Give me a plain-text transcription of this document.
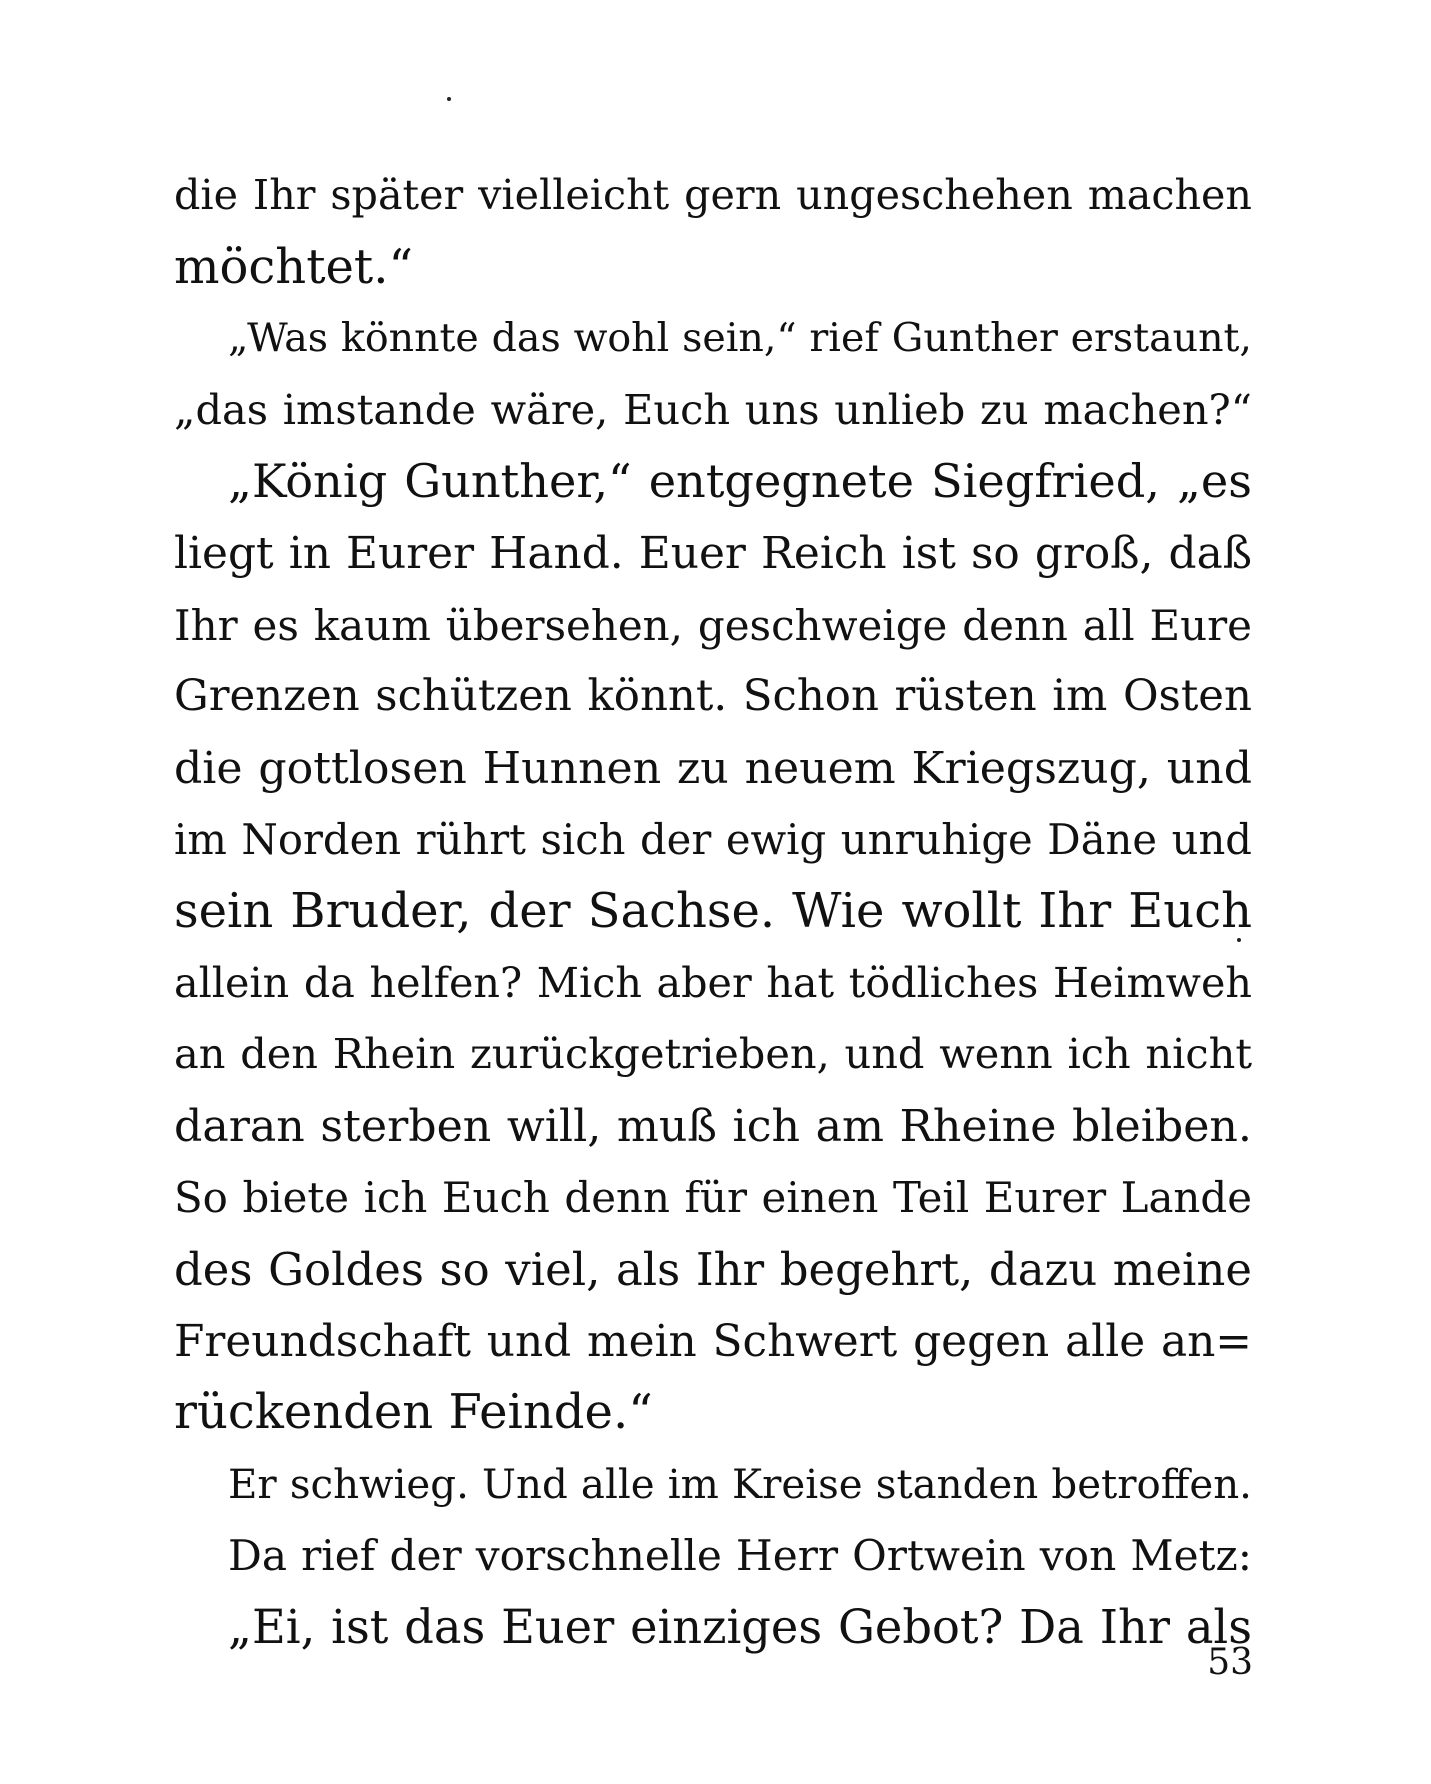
die Ihr später vielleicht gern ungeschehen machen
möchtet.“
„Was könnte das wohl sein,“ rief Gunther erstaunt,
„das imstande wäre, Euch uns unlieb zu machen?“
„König Gunther,“ entgegnete Siegfried, „es
liegt in Eurer Hand. Euer Reich ist so groß, daß
Ihr es kaum übersehen, geschweige denn all Eure
Grenzen schützen könnt. Schon rüsten im Osten
die gottlosen Hunnen zu neuem Kriegszug, und
im Norden rührt sich der ewig unruhige Däne und
sein Bruder, der Sachse. Wie wollt Ihr Euch
allein da helfen? Mich aber hat tödliches Heimweh
an den Rhein zurückgetrieben, und wenn ich nicht
daran sterben will, muß ich am Rheine bleiben.
So biete ich Euch denn für einen Teil Eurer Lande
des Goldes so viel, als Ihr begehrt, dazu meine
Freundschaft und mein Schwert gegen alle an=
rückenden Feinde.“
Er schwieg. Und alle im Kreise standen betroffen.
Da rief der vorschnelle Herr Ortwein von Metz:
„Ei, ist das Euer einziges Gebot? Da Ihr als
53
